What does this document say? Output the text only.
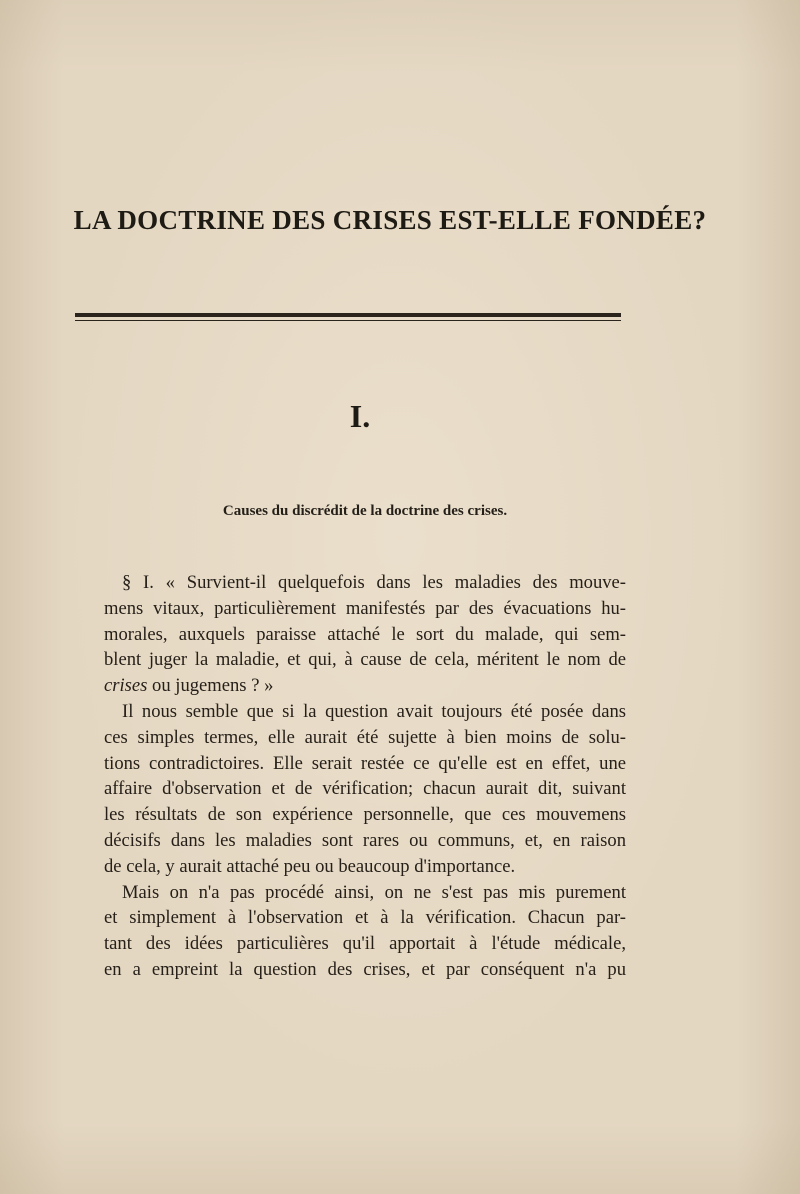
LA DOCTRINE DES CRISES EST-ELLE FONDÉE?
I.
Causes du discrédit de la doctrine des crises.

§ I. « Survient-il quelquefois dans les maladies des mouve-
mens vitaux, particulièrement manifestés par des évacuations hu-
morales, auxquels paraisse attaché le sort du malade, qui sem-
blent juger la maladie, et qui, à cause de cela, méritent le nom de
crises ou jugemens ? »

Il nous semble que si la question avait toujours été posée dans
ces simples termes, elle aurait été sujette à bien moins de solu-
tions contradictoires. Elle serait restée ce qu'elle est en effet, une
affaire d'observation et de vérification; chacun aurait dit, suivant
les résultats de son expérience personnelle, que ces mouvemens
décisifs dans les maladies sont rares ou communs, et, en raison
de cela, y aurait attaché peu ou beaucoup d'importance.

Mais on n'a pas procédé ainsi, on ne s'est pas mis purement
et simplement à l'observation et à la vérification. Chacun par-
tant des idées particulières qu'il apportait à l'étude médicale,
en a empreint la question des crises, et par conséquent n'a pu
